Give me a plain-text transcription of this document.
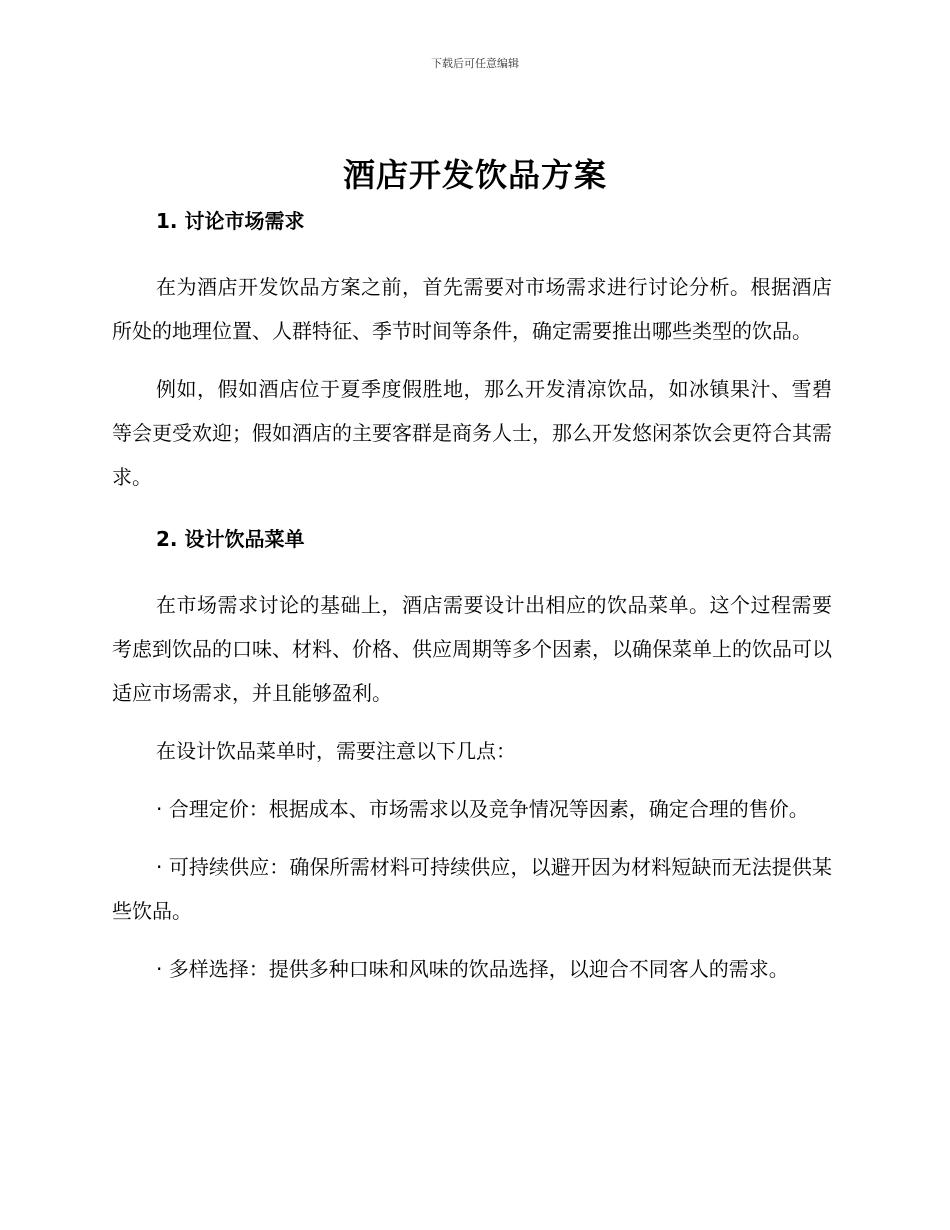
下载后可任意编辑
酒店开发饮品方案
1. 讨论市场需求

在为酒店开发饮品方案之前，首先需要对市场需求进行讨论分析。根据酒店所处的地理位置、人群特征、季节时间等条件，确定需要推出哪些类型的饮品。

例如，假如酒店位于夏季度假胜地，那么开发清凉饮品，如冰镇果汁、雪碧等会更受欢迎；假如酒店的主要客群是商务人士，那么开发悠闲茶饮会更符合其需求。

2. 设计饮品菜单

在市场需求讨论的基础上，酒店需要设计出相应的饮品菜单。这个过程需要考虑到饮品的口味、材料、价格、供应周期等多个因素，以确保菜单上的饮品可以适应市场需求，并且能够盈利。

在设计饮品菜单时，需要注意以下几点：

· 合理定价：根据成本、市场需求以及竞争情况等因素，确定合理的售价。

· 可持续供应：确保所需材料可持续供应，以避开因为材料短缺而无法提供某些饮品。

· 多样选择：提供多种口味和风味的饮品选择，以迎合不同客人的需求。
